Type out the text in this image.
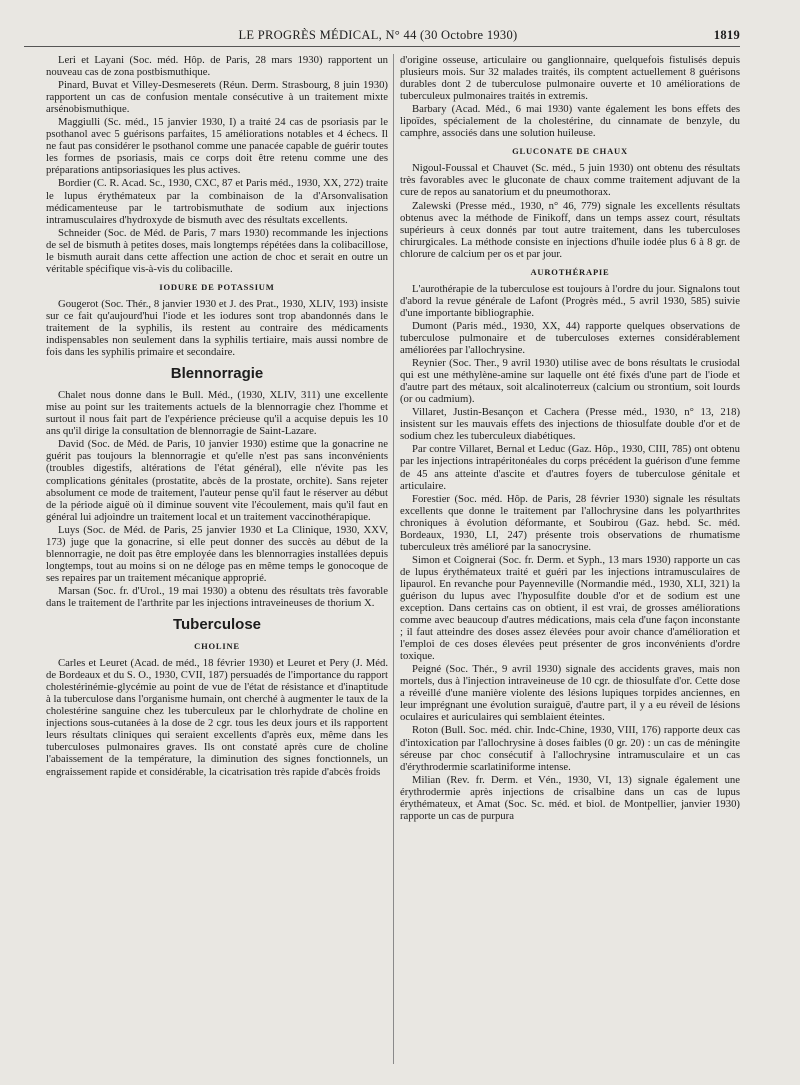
LE PROGRÈS MÉDICAL, N° 44 (30 Octobre 1930)	1819

Leri et Layani (Soc. méd. Hôp. de Paris, 28 mars 1930) rapportent un nouveau cas de zona postbismuthique.

Pinard, Buvat et Villey-Desmeserets (Réun. Derm. Strasbourg, 8 juin 1930) rapportent un cas de confusion mentale consécutive à un traitement mixte arsénobismuthique.

Maggiulli (Sc. méd., 15 janvier 1930, I) a traité 24 cas de psoriasis par le psothanol avec 5 guérisons parfaites, 15 améliorations notables et 4 échecs. Il ne faut pas considérer le psothanol comme une panacée capable de guérir toutes les formes de psoriasis, mais ce corps doit être retenu comme une des préparations antipsoriasiques les plus actives.

Bordier (C. R. Acad. Sc., 1930, CXC, 87 et Paris méd., 1930, XX, 272) traite le lupus érythémateux par la combinaison de la d'Arsonvalisation médicamenteuse par le tartrobismuthate de sodium aux injections intramusculaires d'hydroxyde de bismuth avec des résultats excellents.

Schneider (Soc. de Méd. de Paris, 7 mars 1930) recommande les injections de sel de bismuth à petites doses, mais longtemps répétées dans la colibacillose, le bismuth aurait dans cette affection une action de choc et serait en outre un véritable spécifique vis-à-vis du colibacille.

IODURE DE POTASSIUM

Gougerot (Soc. Thér., 8 janvier 1930 et J. des Prat., 1930, XLIV, 193) insiste sur ce fait qu'aujourd'hui l'iode et les iodures sont trop abandonnés dans le traitement de la syphilis, ils restent au contraire des médicaments indispensables non seulement dans la syphilis tertiaire, mais aussi nombre de fois dans les syphilis primaire et secondaire.

Blennorragie

Chalet nous donne dans le Bull. Méd., (1930, XLIV, 311) une excellente mise au point sur les traitements actuels de la blennorragie chez l'homme et surtout il nous fait part de l'expérience précieuse qu'il a acquise depuis les 10 ans qu'il dirige la consultation de blennorragie de Saint-Lazare.

David (Soc. de Méd. de Paris, 10 janvier 1930) estime que la gonacrine ne guérit pas toujours la blennorragie et qu'elle n'est pas sans inconvénients (troubles digestifs, altérations de l'état général), elle n'évite pas les complications génitales (prostatite, abcès de la prostate, orchite). Sans rejeter absolument ce mode de traitement, l'auteur pense qu'il faut le réserver au début de la période aiguë où il diminue souvent vite l'écoulement, mais qu'il faut en général lui adjoindre un traitement local et un traitement vaccinothérapique.

Luys (Soc. de Méd. de Paris, 25 janvier 1930 et La Clinique, 1930, XXV, 173) juge que la gonacrine, si elle peut donner des succès au début de la blennorragie, ne doit pas être employée dans les blennorragies installées depuis longtemps, tout au moins si on ne déloge pas en même temps le gonocoque de ses repaires par un traitement mécanique approprié.

Marsan (Soc. fr. d'Urol., 19 mai 1930) a obtenu des résultats très favorable dans le traitement de l'arthrite par les injections intraveineuses de thorium X.

Tuberculose
CHOLINE

Carles et Leuret (Acad. de méd., 18 février 1930) et Leuret et Pery (J. Méd. de Bordeaux et du S. O., 1930, CVII, 187) persuadés de l'importance du rapport cholestérinémie-glycémie au point de vue de l'état de résistance et d'inaptitude à la tuberculose dans l'organisme humain, ont cherché à augmenter le taux de la cholestérine sanguine chez les tuberculeux par le chlorhydrate de choline en injections sous-cutanées à la dose de 2 cgr. tous les deux jours et ils rapportent leurs résultats cliniques qui seraient excellents d'après eux, même dans les tuberculoses pulmonaires graves. Ils ont constaté après cure de choline l'abaissement de la température, la diminution des signes fonctionnels, un engraissement rapide et considérable, la cicatrisation très rapide d'abcès froids

d'origine osseuse, articulaire ou ganglionnaire, quelquefois fistulisés depuis plusieurs mois. Sur 32 malades traités, ils comptent actuellement 8 guérisons durables dont 2 de tuberculose pulmonaire ouverte et 10 améliorations de tuberculeux pulmonaires traités in extremis.

Barbary (Acad. Méd., 6 mai 1930) vante également les bons effets des lipoïdes, spécialement de la cholestérine, du cinnamate de benzyle, du camphre, associés dans une solution huileuse.

GLUCONATE DE CHAUX

Nigoul-Foussal et Chauvet (Sc. méd., 5 juin 1930) ont obtenu des résultats très favorables avec le gluconate de chaux comme traitement adjuvant de la cure de repos au sanatorium et du pneumothorax.

Zalewski (Presse méd., 1930, n° 46, 779) signale les excellents résultats obtenus avec la méthode de Finikoff, dans un temps assez court, résultats supérieurs à ceux donnés par tout autre traitement, dans les tuberculoses chirurgicales. La méthode consiste en injections d'huile iodée plus 6 à 8 gr. de chlorure de calcium per os et par jour.

AUROTHÉRAPIE

L'aurothérapie de la tuberculose est toujours à l'ordre du jour. Signalons tout d'abord la revue générale de Lafont (Progrès méd., 5 avril 1930, 585) suivie d'une importante bibliographie.

Dumont (Paris méd., 1930, XX, 44) rapporte quelques observations de tuberculose pulmonaire et de tuberculoses externes considérablement améliorées par l'allochrysine.

Reynier (Soc. Ther., 9 avril 1930) utilise avec de bons résultats le crusiodal qui est une méthylène-amine sur laquelle ont été fixés d'une part de l'iode et d'autre part des métaux, soit alcalinoterreux (calcium ou strontium, soit lourds (or ou cadmium).

Villaret, Justin-Besançon et Cachera (Presse méd., 1930, n° 13, 218) insistent sur les mauvais effets des injections de thiosulfate double d'or et de sodium chez les tuberculeux diabétiques.

Par contre Villaret, Bernal et Leduc (Gaz. Hôp., 1930, CIII, 785) ont obtenu par les injections intrapéritonéales du corps précédent la guérison d'une femme de 45 ans atteinte d'ascite et d'autres foyers de tuberculose génitale et articulaire.

Forestier (Soc. méd. Hôp. de Paris, 28 février 1930) signale les résultats excellents que donne le traitement par l'allochrysine dans les polyarthrites chroniques à évolution déformante, et Soubirou (Gaz. hebd. Sc. méd. Bordeaux, 1930, LI, 247) présente trois observations de rhumatisme tuberculeux très amélioré par la sanocrysine.

Simon et Coignerai (Soc. fr. Derm. et Syph., 13 mars 1930) rapporte un cas de lupus érythémateux traité et guéri par les injections intramusculaires de lipaurol. En revanche pour Payenneville (Normandie méd., 1930, XLI, 321) la guérison du lupus avec l'hyposulfite double d'or et de sodium est une exception. Dans certains cas on obtient, il est vrai, de grosses améliorations comme avec beaucoup d'autres médications, mais cela d'une façon inconstante ; il faut atteindre des doses assez élevées pour avoir chance d'amélioration et l'emploi de ces doses élevées peut présenter de gros inconvénients d'ordre toxique.

Peigné (Soc. Thér., 9 avril 1930) signale des accidents graves, mais non mortels, dus à l'injection intraveineuse de 10 cgr. de thiosulfate d'or. Cette dose a réveillé d'une manière violente des lésions lupiques torpides anciennes, en leur imprégnant une évolution suraiguë, d'autre part, il y a eu réveil de lésions oculaires et auriculaires qui semblaient éteintes.

Roton (Bull. Soc. méd. chir. Indc-Chine, 1930, VIII, 176) rapporte deux cas d'intoxication par l'allochrysine à doses faibles (0 gr. 20) : un cas de méningite séreuse par choc consécutif à l'allochrysine intramusculaire et un cas d'érythrodermie scarlatiniforme intense.

Milian (Rev. fr. Derm. et Vén., 1930, VI, 13) signale également une érythrodermie après injections de crisalbine dans un cas de lupus érythémateux, et Amat (Soc. Sc. méd. et biol. de Montpellier, janvier 1930) rapporte un cas de purpura
